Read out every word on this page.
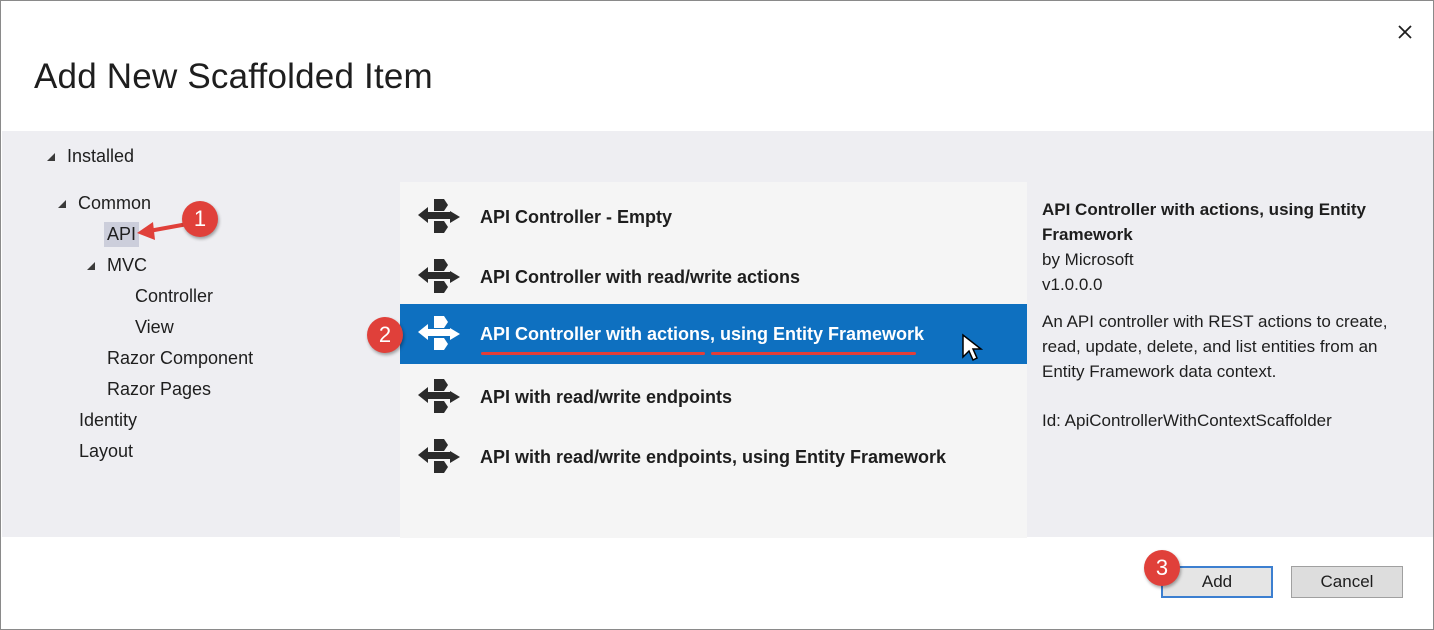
Add New Scaffolded Item
Installed
Common
API
MVC
Controller
View
Razor Component
Razor Pages
Identity
Layout
1	API Controller - Empty
API Controller with read/write actions
API Controller with actions, using Entity Framework
API with read/write endpoints
API with read/write endpoints, using Entity Framework
2

API Controller with actions, using Entity Framework

by Microsoft

v1.0.0.0

An API controller with REST actions to create, read, update, delete, and list entities from an Entity Framework data context.

Id: ApiControllerWithContextScaffolder

Add	Cancel
3
